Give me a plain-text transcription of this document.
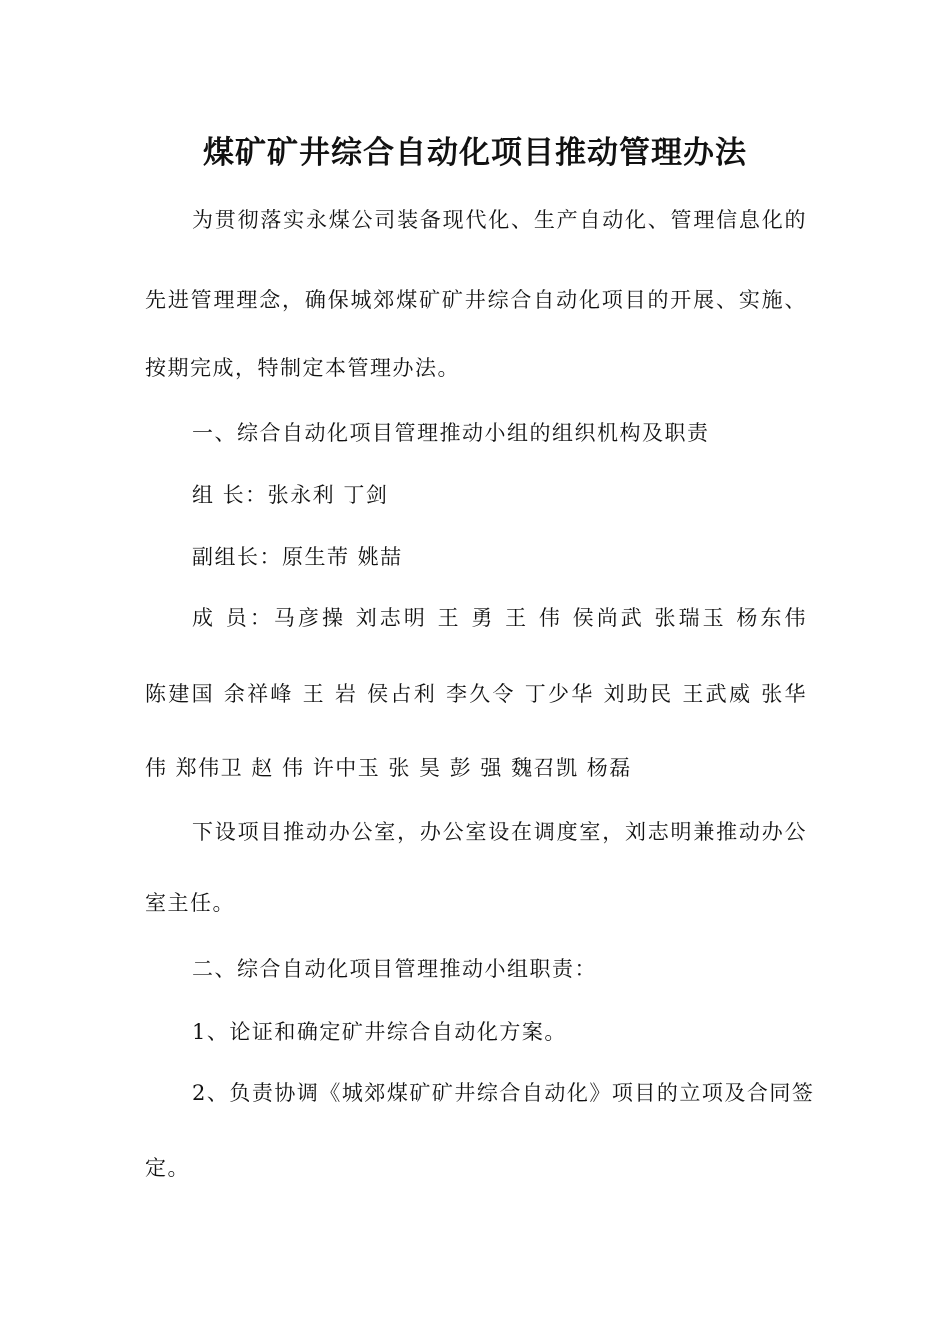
煤矿矿井综合自动化项目推动管理办法

为贯彻落实永煤公司装备现代化、生产自动化、管理信息化的

先进管理理念，确保城郊煤矿矿井综合自动化项目的开展、实施、

按期完成，特制定本管理办法。

一、综合自动化项目管理推动小组的组织机构及职责

组 长：张永利 丁剑

副组长：原生芾 姚喆

成 员：马彦操 刘志明 王 勇 王 伟 侯尚武 张瑞玉 杨东伟

陈建国 余祥峰 王 岩 侯占利 李久令 丁少华 刘助民 王武威 张华

伟 郑伟卫 赵 伟 许中玉 张 昊 彭 强 魏召凯 杨磊

下设项目推动办公室，办公室设在调度室，刘志明兼推动办公

室主任。

二、综合自动化项目管理推动小组职责：

1、论证和确定矿井综合自动化方案。

2、负责协调《城郊煤矿矿井综合自动化》项目的立项及合同签

定。
